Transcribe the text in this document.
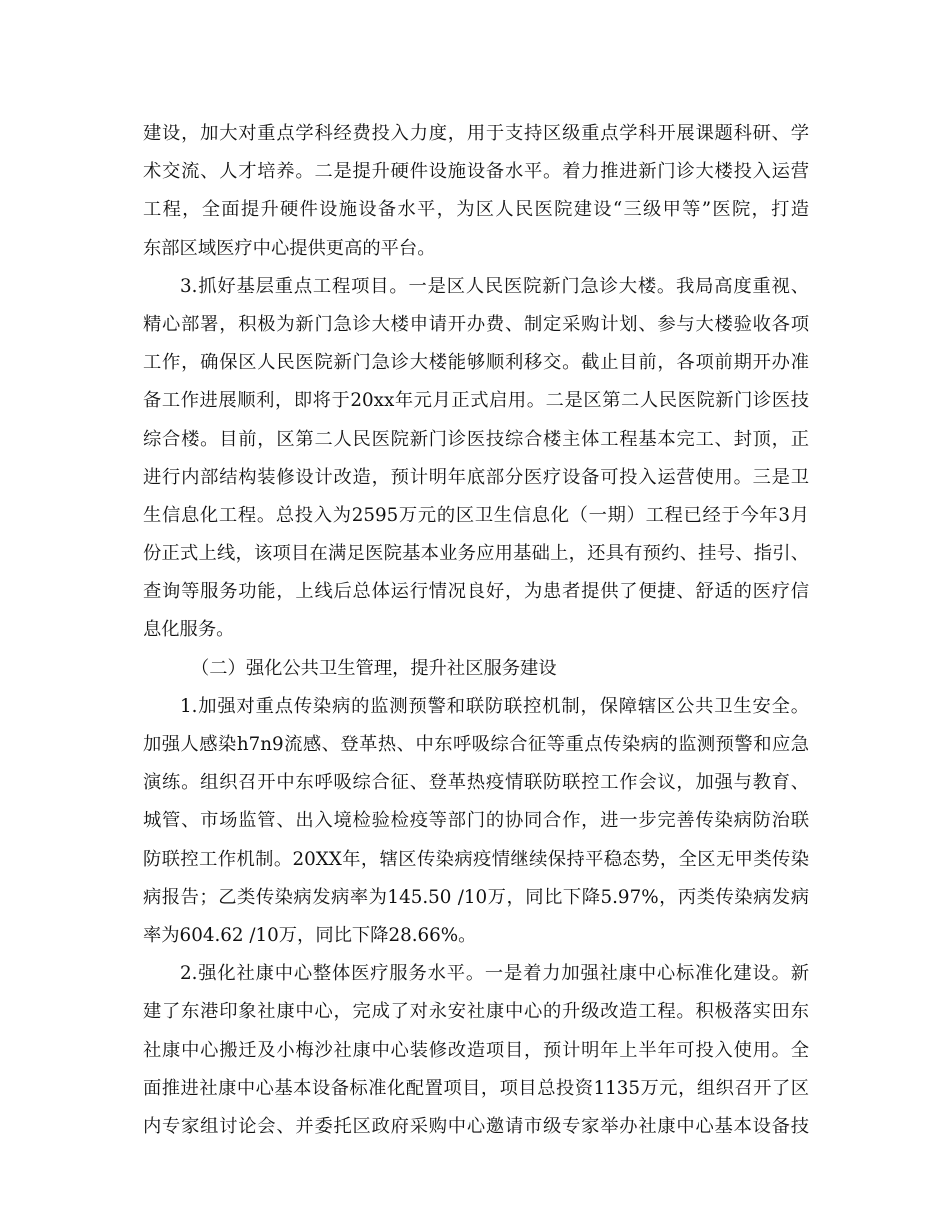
建设，加大对重点学科经费投入力度，用于支持区级重点学科开展课题科研、学
术交流、人才培养。二是提升硬件设施设备水平。着力推进新门诊大楼投入运营
工程，全面提升硬件设施设备水平，为区人民医院建设“三级甲等”医院，打造
东部区域医疗中心提供更高的平台。
3.抓好基层重点工程项目。一是区人民医院新门急诊大楼。我局高度重视、
精心部署，积极为新门急诊大楼申请开办费、制定采购计划、参与大楼验收各项
工作，确保区人民医院新门急诊大楼能够顺利移交。截止目前，各项前期开办准
备工作进展顺利，即将于20xx年元月正式启用。二是区第二人民医院新门诊医技
综合楼。目前，区第二人民医院新门诊医技综合楼主体工程基本完工、封顶，正
进行内部结构装修设计改造，预计明年底部分医疗设备可投入运营使用。三是卫
生信息化工程。总投入为2595万元的区卫生信息化（一期）工程已经于今年3月
份正式上线，该项目在满足医院基本业务应用基础上，还具有预约、挂号、指引、
查询等服务功能，上线后总体运行情况良好，为患者提供了便捷、舒适的医疗信
息化服务。
（二）强化公共卫生管理，提升社区服务建设
1.加强对重点传染病的监测预警和联防联控机制，保障辖区公共卫生安全。
加强人感染h7n9流感、登革热、中东呼吸综合征等重点传染病的监测预警和应急
演练。组织召开中东呼吸综合征、登革热疫情联防联控工作会议，加强与教育、
城管、市场监管、出入境检验检疫等部门的协同合作，进一步完善传染病防治联
防联控工作机制。20XX年，辖区传染病疫情继续保持平稳态势，全区无甲类传染
病报告；乙类传染病发病率为145.50 /10万，同比下降5.97%，丙类传染病发病
率为604.62 /10万，同比下降28.66%。
2.强化社康中心整体医疗服务水平。一是着力加强社康中心标准化建设。新
建了东港印象社康中心，完成了对永安社康中心的升级改造工程。积极落实田东
社康中心搬迁及小梅沙社康中心装修改造项目，预计明年上半年可投入使用。全
面推进社康中心基本设备标准化配置项目，项目总投资1135万元，组织召开了区
内专家组讨论会、并委托区政府采购中心邀请市级专家举办社康中心基本设备技
